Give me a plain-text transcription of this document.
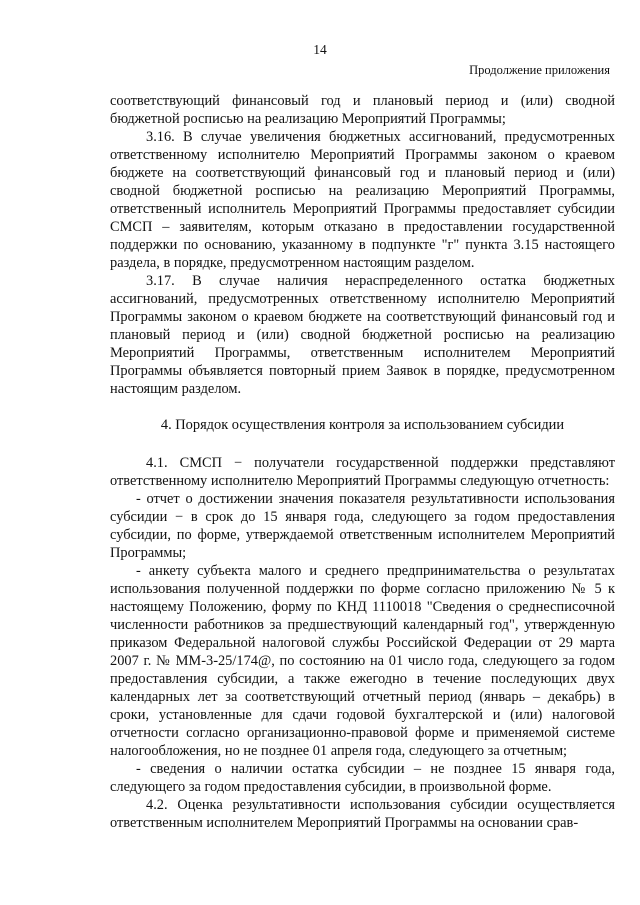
14
Продолжение приложения

соответствующий финансовый год и плановый период и (или) сводной бюджетной росписью на реализацию Мероприятий Программы;

3.16. В случае увеличения бюджетных ассигнований, предусмотренных ответственному исполнителю Мероприятий Программы законом о краевом бюджете на соответствующий финансовый год и плановый период и (или) сводной бюджетной росписью на реализацию Мероприятий Программы, ответственный исполнитель Мероприятий Программы предоставляет субсидии СМСП – заявителям, которым отказано в предоставлении государственной поддержки по основанию, указанному в подпункте "г" пункта 3.15 настоящего раздела, в порядке, предусмотренном настоящим разделом.

3.17. В случае наличия нераспределенного остатка бюджетных ассигнований, предусмотренных ответственному исполнителю Мероприятий Программы законом о краевом бюджете на соответствующий финансовый год и плановый период и (или) сводной бюджетной росписью на реализацию Мероприятий Программы, ответственным исполнителем Мероприятий Программы объявляется повторный прием Заявок в порядке, предусмотренном настоящим разделом.

4. Порядок осуществления контроля за использованием субсидии

4.1. СМСП − получатели государственной поддержки представляют ответственному исполнителю Мероприятий Программы следующую отчетность:

- отчет о достижении значения показателя результативности использования субсидии − в срок до 15 января года, следующего за годом предоставления субсидии, по форме, утверждаемой ответственным исполнителем Мероприятий Программы;

- анкету субъекта малого и среднего предпринимательства о результатах использования полученной поддержки по форме согласно приложению № 5 к настоящему Положению, форму по КНД 1110018 "Сведения о среднесписочной численности работников за предшествующий календарный год", утвержденную приказом Федеральной налоговой службы Российской Федерации от 29 марта 2007 г. № ММ-3-25/174@, по состоянию на 01 число года, следующего за годом предоставления субсидии, а также ежегодно в течение последующих двух календарных лет за соответствующий отчетный период (январь – декабрь) в сроки, установленные для сдачи годовой бухгалтерской и (или) налоговой отчетности согласно организационно-правовой форме и применяемой системе налогообложения, но не позднее 01 апреля года, следующего за отчетным;

- сведения о наличии остатка субсидии – не позднее 15 января года, следующего за годом предоставления субсидии, в произвольной форме.

4.2. Оценка результативности использования субсидии осуществляется ответственным исполнителем Мероприятий Программы на основании срав-
